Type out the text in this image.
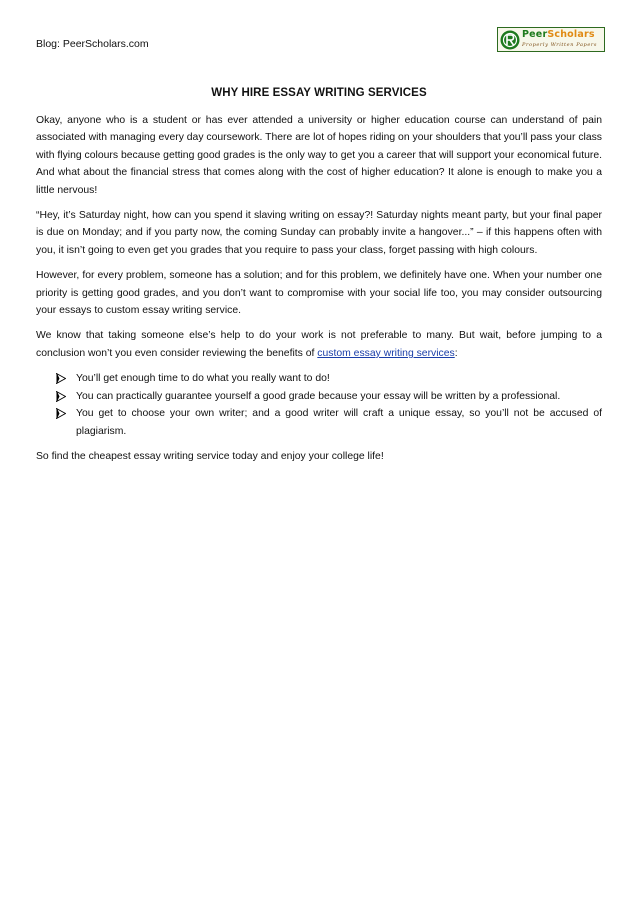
Blog: PeerScholars.com
PeerScholars
Properly Written Papers
WHY HIRE ESSAY WRITING SERVICES

Okay, anyone who is a student or has ever attended a university or higher education course can understand of pain associated with managing every day coursework. There are lot of hopes riding on your shoulders that you’ll pass your class with flying colours because getting good grades is the only way to get you a career that will support your economical future. And what about the financial stress that comes along with the cost of higher education? It alone is enough to make you a little nervous!

“Hey, it’s Saturday night, how can you spend it slaving writing on essay?! Saturday nights meant party, but your final paper is due on Monday; and if you party now, the coming Sunday can probably invite a hangover...” – if this happens often with you, it isn’t going to even get you grades that you require to pass your class, forget passing with high colours.

However, for every problem, someone has a solution; and for this problem, we definitely have one. When your number one priority is getting good grades, and you don’t want to compromise with your social life too, you may consider outsourcing your essays to custom essay writing service.

We know that taking someone else’s help to do your work is not preferable to many. But wait, before jumping to a conclusion won’t you even consider reviewing the benefits of custom essay writing services:

You’ll get enough time to do what you really want to do!
You can practically guarantee yourself a good grade because your essay will be written by a professional.
You get to choose your own writer; and a good writer will craft a unique essay, so you’ll not be accused of plagiarism.

So find the cheapest essay writing service today and enjoy your college life!
